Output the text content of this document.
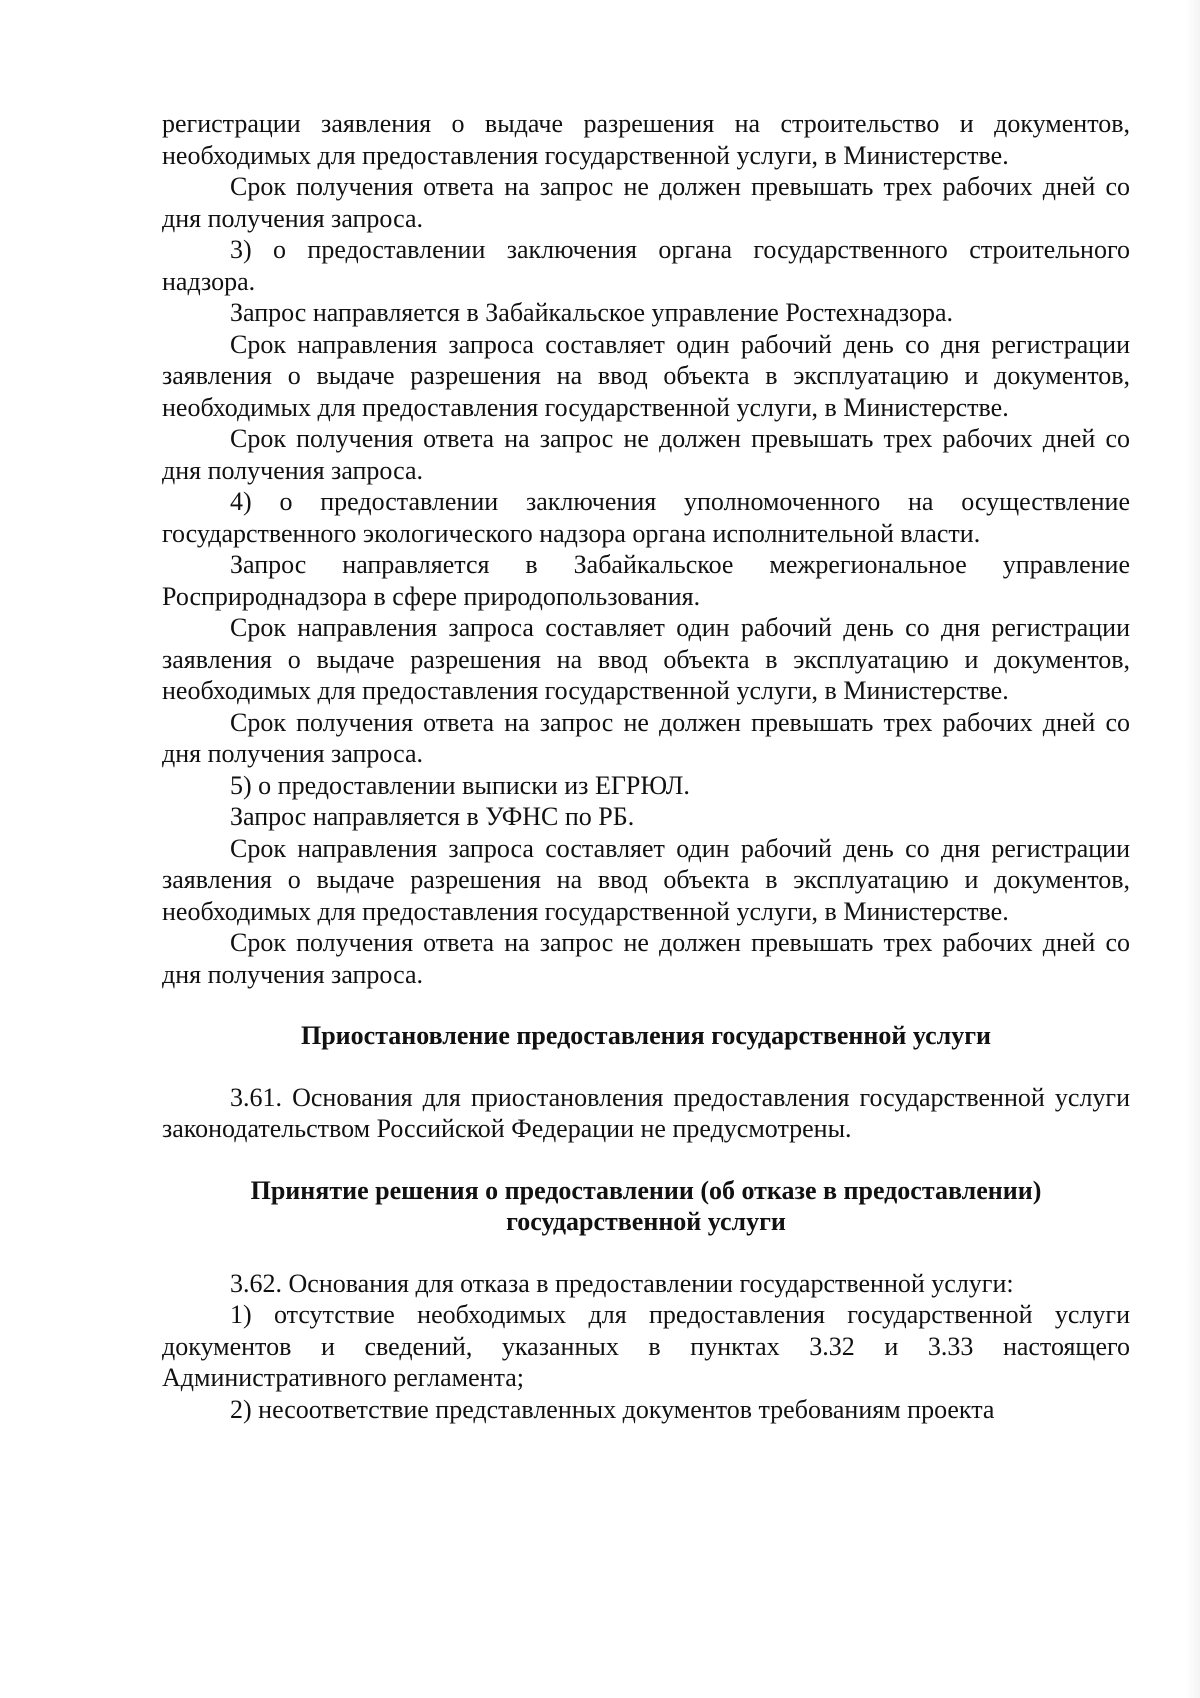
регистрации заявления о выдаче разрешения на строительство и документов, необходимых для предоставления государственной услуги, в Министерстве.

Срок получения ответа на запрос не должен превышать трех рабочих дней со дня получения запроса.

3) о предоставлении заключения органа государственного строительного надзора.

Запрос направляется в Забайкальское управление Ростехнадзора.

Срок направления запроса составляет один рабочий день со дня регистрации заявления о выдаче разрешения на ввод объекта в эксплуатацию и документов, необходимых для предоставления государственной услуги, в Министерстве.

Срок получения ответа на запрос не должен превышать трех рабочих дней со дня получения запроса.

4) о предоставлении заключения уполномоченного на осуществление государственного экологического надзора органа исполнительной власти.

Запрос направляется в Забайкальское межрегиональное управление Росприроднадзора в сфере природопользования.

Срок направления запроса составляет один рабочий день со дня регистрации заявления о выдаче разрешения на ввод объекта в эксплуатацию и документов, необходимых для предоставления государственной услуги, в Министерстве.

Срок получения ответа на запрос не должен превышать трех рабочих дней со дня получения запроса.

5) о предоставлении выписки из ЕГРЮЛ.

Запрос направляется в УФНС по РБ.

Срок направления запроса составляет один рабочий день со дня регистрации заявления о выдаче разрешения на ввод объекта в эксплуатацию и документов, необходимых для предоставления государственной услуги, в Министерстве.

Срок получения ответа на запрос не должен превышать трех рабочих дней со дня получения запроса.

Приостановление предоставления государственной услуги

3.61. Основания для приостановления предоставления государственной услуги законодательством Российской Федерации не предусмотрены.

Принятие решения о предоставлении (об отказе в предоставлении)
государственной услуги

3.62. Основания для отказа в предоставлении государственной услуги:

1) отсутствие необходимых для предоставления государственной услуги документов и сведений, указанных в пунктах 3.32 и 3.33 настоящего Административного регламента;

2) несоответствие представленных документов требованиям проекта
